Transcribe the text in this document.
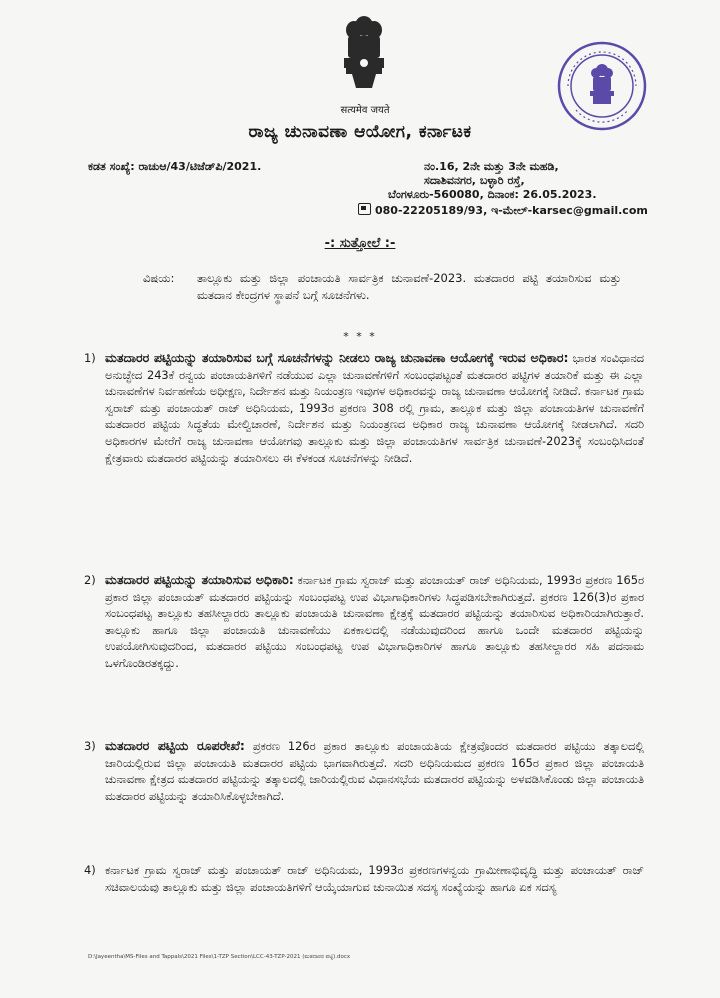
सत्यमेव जयते
ರಾಜ್ಯ ಚುನಾವಣಾ ಆಯೋಗ, ಕರ್ನಾಟಕ
ಕಡತ ಸಂಖ್ಯೆ: ರಾಚುಆ/43/ಟಿಜೆಡ್‌ಪಿ/2021.	ನಂ.16, 2ನೇ ಮತ್ತು 3ನೇ ಮಹಡಿ,
ಸದಾಶಿವನಗರ, ಬಳ್ಳಾರಿ ರಸ್ತೆ,
ಬೆಂಗಳೂರು-560080, ದಿನಾಂಕ: 26.05.2023.
080-22205189/93, ಇ-ಮೇಲ್-karsec@gmail.com
-: ಸುತ್ತೋಲೆ :-
ವಿಷಯ:	ತಾಲ್ಲೂಕು ಮತ್ತು ಜಿಲ್ಲಾ ಪಂಚಾಯತಿ ಸಾರ್ವತ್ರಿಕ ಚುನಾವಣೆ-2023. ಮತದಾರರ ಪಟ್ಟಿ ತಯಾರಿಸುವ ಮತ್ತು ಮತದಾನ ಕೇಂದ್ರಗಳ ಸ್ಥಾಪನೆ ಬಗ್ಗೆ ಸೂಚನೆಗಳು.
* * *
1) ಮತದಾರರ ಪಟ್ಟಿಯನ್ನು ತಯಾರಿಸುವ ಬಗ್ಗೆ ಸೂಚನೆಗಳನ್ನು ನೀಡಲು ರಾಜ್ಯ ಚುನಾವಣಾ ಆಯೋಗಕ್ಕೆ ಇರುವ ಅಧಿಕಾರ: ಭಾರತ ಸಂವಿಧಾನದ ಅನುಚ್ಛೇದ 243ಕೆ ರನ್ವಯ ಪಂಚಾಯತಿಗಳಿಗೆ ನಡೆಯುವ ಎಲ್ಲಾ ಚುನಾವಣೆಗಳಿಗೆ ಸಂಬಂಧಪಟ್ಟಂತೆ ಮತದಾರರ ಪಟ್ಟಿಗಳ ತಯಾರಿಕೆ ಮತ್ತು ಈ ಎಲ್ಲಾ ಚುನಾವಣೆಗಳ ನಿರ್ವಹಣೆಯ ಅಧೀಕ್ಷಣ, ನಿರ್ದೇಶನ ಮತ್ತು ನಿಯಂತ್ರಣ ಇವುಗಳ ಅಧಿಕಾರವನ್ನು ರಾಜ್ಯ ಚುನಾವಣಾ ಆಯೋಗಕ್ಕೆ ನೀಡಿದೆ. ಕರ್ನಾಟಕ ಗ್ರಾಮ ಸ್ವರಾಜ್ ಮತ್ತು ಪಂಚಾಯತ್ ರಾಜ್ ಅಧಿನಿಯಮ, 1993ರ ಪ್ರಕರಣ 308 ರಲ್ಲಿ ಗ್ರಾಮ, ತಾಲ್ಲೂಕ ಮತ್ತು ಜಿಲ್ಲಾ ಪಂಚಾಯತಿಗಳ ಚುನಾವಣೆಗೆ ಮತದಾರರ ಪಟ್ಟಿಯ ಸಿದ್ಧತೆಯ ಮೇಲ್ವಿಚಾರಣೆ, ನಿರ್ದೇಶನ ಮತ್ತು ನಿಯಂತ್ರಣದ ಅಧಿಕಾರ ರಾಜ್ಯ ಚುನಾವಣಾ ಆಯೋಗಕ್ಕೆ ನೀಡಲಾಗಿದೆ. ಸದರಿ ಅಧಿಕಾರಗಳ ಮೇರೆಗೆ ರಾಜ್ಯ ಚುನಾವಣಾ ಆಯೋಗವು ತಾಲ್ಲೂಕು ಮತ್ತು ಜಿಲ್ಲಾ ಪಂಚಾಯತಿಗಳ ಸಾರ್ವತ್ರಿಕ ಚುನಾವಣೆ-2023ಕ್ಕೆ ಸಂಬಂಧಿಸಿದಂತೆ ಕ್ಷೇತ್ರವಾರು ಮತದಾರರ ಪಟ್ಟಿಯನ್ನು ತಯಾರಿಸಲು ಈ ಕೆಳಕಂಡ ಸೂಚನೆಗಳನ್ನು ನೀಡಿದೆ.
2) ಮತದಾರರ ಪಟ್ಟಿಯನ್ನು ತಯಾರಿಸುವ ಅಧಿಕಾರಿ: ಕರ್ನಾಟಕ ಗ್ರಾಮ ಸ್ವರಾಜ್ ಮತ್ತು ಪಂಚಾಯತ್ ರಾಜ್ ಅಧಿನಿಯಮ, 1993ರ ಪ್ರಕರಣ 165ರ ಪ್ರಕಾರ ಜಿಲ್ಲಾ ಪಂಚಾಯತ್ ಮತದಾರರ ಪಟ್ಟಿಯನ್ನು ಸಂಬಂಧಪಟ್ಟ ಉಪ ವಿಭಾಗಾಧಿಕಾರಿಗಳು ಸಿದ್ಧಪಡಿಸಬೇಕಾಗಿರುತ್ತದೆ. ಪ್ರಕರಣ 126(3)ರ ಪ್ರಕಾರ ಸಂಬಂಧಪಟ್ಟ ತಾಲ್ಲೂಕು ತಹಸೀಲ್ದಾರರು ತಾಲ್ಲೂಕು ಪಂಚಾಯತಿ ಚುನಾವಣಾ ಕ್ಷೇತ್ರಕ್ಕೆ ಮತದಾರರ ಪಟ್ಟಿಯನ್ನು ತಯಾರಿಸುವ ಅಧಿಕಾರಿಯಾಗಿರುತ್ತಾರೆ. ತಾಲ್ಲೂಕು ಹಾಗೂ ಜಿಲ್ಲಾ ಪಂಚಾಯತಿ ಚುನಾವಣೆಯು ಏಕಕಾಲದಲ್ಲಿ ನಡೆಯುವುದರಿಂದ ಹಾಗೂ ಒಂದೇ ಮತದಾರರ ಪಟ್ಟಿಯನ್ನು ಉಪಯೋಗಿಸುವುದರಿಂದ, ಮತದಾರರ ಪಟ್ಟಿಯು ಸಂಬಂಧಪಟ್ಟ ಉಪ ವಿಭಾಗಾಧಿಕಾರಿಗಳ ಹಾಗೂ ತಾಲ್ಲೂಕು ತಹಸೀಲ್ದಾರರ ಸಹಿ ಪದನಾಮ ಒಳಗೊಂಡಿರತಕ್ಕದ್ದು.
3) ಮತದಾರರ ಪಟ್ಟಿಯ ರೂಪರೇಖೆ: ಪ್ರಕರಣ 126ರ ಪ್ರಕಾರ ತಾಲ್ಲೂಕು ಪಂಚಾಯತಿಯ ಕ್ಷೇತ್ರವೊಂದರ ಮತದಾರರ ಪಟ್ಟಿಯು ತತ್ಕಾಲದಲ್ಲಿ ಜಾರಿಯಲ್ಲಿರುವ ಜಿಲ್ಲಾ ಪಂಚಾಯತಿ ಮತದಾರರ ಪಟ್ಟಿಯ ಭಾಗವಾಗಿರುತ್ತದೆ. ಸದರಿ ಅಧಿನಿಯಮದ ಪ್ರಕರಣ 165ರ ಪ್ರಕಾರ ಜಿಲ್ಲಾ ಪಂಚಾಯತಿ ಚುನಾವಣಾ ಕ್ಷೇತ್ರದ ಮತದಾರರ ಪಟ್ಟಿಯನ್ನು ತತ್ಕಾಲದಲ್ಲಿ ಜಾರಿಯಲ್ಲಿರುವ ವಿಧಾನಸಭೆಯ ಮತದಾರರ ಪಟ್ಟಿಯನ್ನು ಅಳವಡಿಸಿಕೊಂಡು ಜಿಲ್ಲಾ ಪಂಚಾಯತಿ ಮತದಾರರ ಪಟ್ಟಿಯನ್ನು ತಯಾರಿಸಿಕೊಳ್ಳಬೇಕಾಗಿದೆ.
4) ಕರ್ನಾಟಕ ಗ್ರಾಮ ಸ್ವರಾಜ್ ಮತ್ತು ಪಂಚಾಯತ್ ರಾಜ್ ಅಧಿನಿಯಮ, 1993ರ ಪ್ರಕರಣಗಳನ್ವಯ ಗ್ರಾಮೀಣಾಭಿವೃದ್ಧಿ ಮತ್ತು ಪಂಚಾಯತ್ ರಾಜ್ ಸಚಿವಾಲಯವು ತಾಲ್ಲೂಕು ಮತ್ತು ಜಿಲ್ಲಾ ಪಂಚಾಯತಿಗಳಿಗೆ ಆಯ್ಕೆಯಾಗುವ ಚುನಾಯಿತ ಸದಸ್ಯ ಸಂಖ್ಯೆಯನ್ನು ಹಾಗೂ ಏಕ ಸದಸ್ಯ
D:\Jayeentha\MS-Files and Tappals\2021 Files\1-TZP Section\LCC-43-TZP-2021 (ಮತದಾರರ ಪಟ್ಟಿ).docx
